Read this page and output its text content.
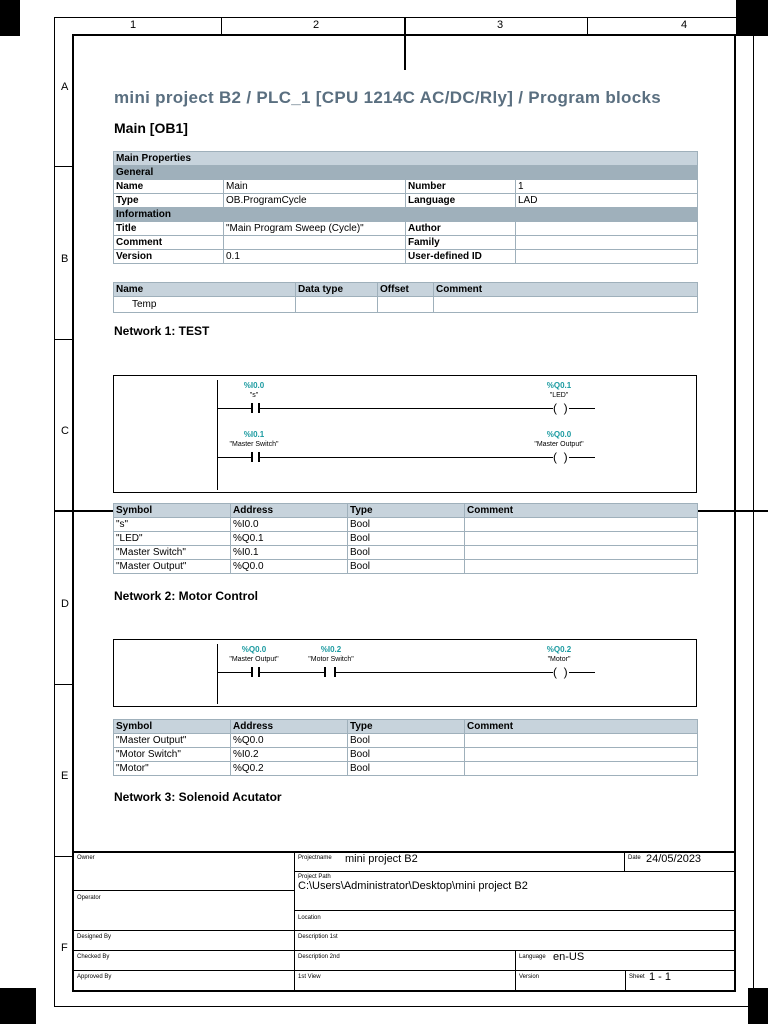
1	2	3	4
A
B
C
D
E
F
mini project B2 / PLC_1 [CPU 1214C AC/DC/Rly] / Program blocks
Main [OB1]
Main Properties			
General			
Name	Main	Number	1
Type	OB.ProgramCycle	Language	LAD
Information			
Title	"Main Program Sweep (Cycle)"	Author	
Comment		Family	
Version	0.1	User-defined ID	
Name	Data type	Offset	Comment
Temp			
Network 1: TEST
%I0.0
"s"
%Q0.1
"LED"
(  )
%I0.1
"Master Switch"
%Q0.0
"Master Output"
(  )
Symbol	Address	Type	Comment
"s"	%I0.0	Bool	
"LED"	%Q0.1	Bool	
"Master Switch"	%I0.1	Bool	
"Master Output"	%Q0.0	Bool	
Network 2: Motor Control
%Q0.0
"Master Output"
%I0.2
"Motor Switch"
%Q0.2
"Motor"
(  )
Symbol	Address	Type	Comment
"Master Output"	%Q0.0	Bool	
"Motor Switch"	%I0.2	Bool	
"Motor"	%Q0.2	Bool	
Network 3: Solenoid Acutator
Owner
Operator
Designed By
Checked By
Approved By
Projectname mini project B2	Date 24/05/2023
Project Path
C:\Users\Administrator\Desktop\mini project B2
Location
Description 1st
Description 2nd	Language en-US
1st View	Version	Sheet 1 - 1
